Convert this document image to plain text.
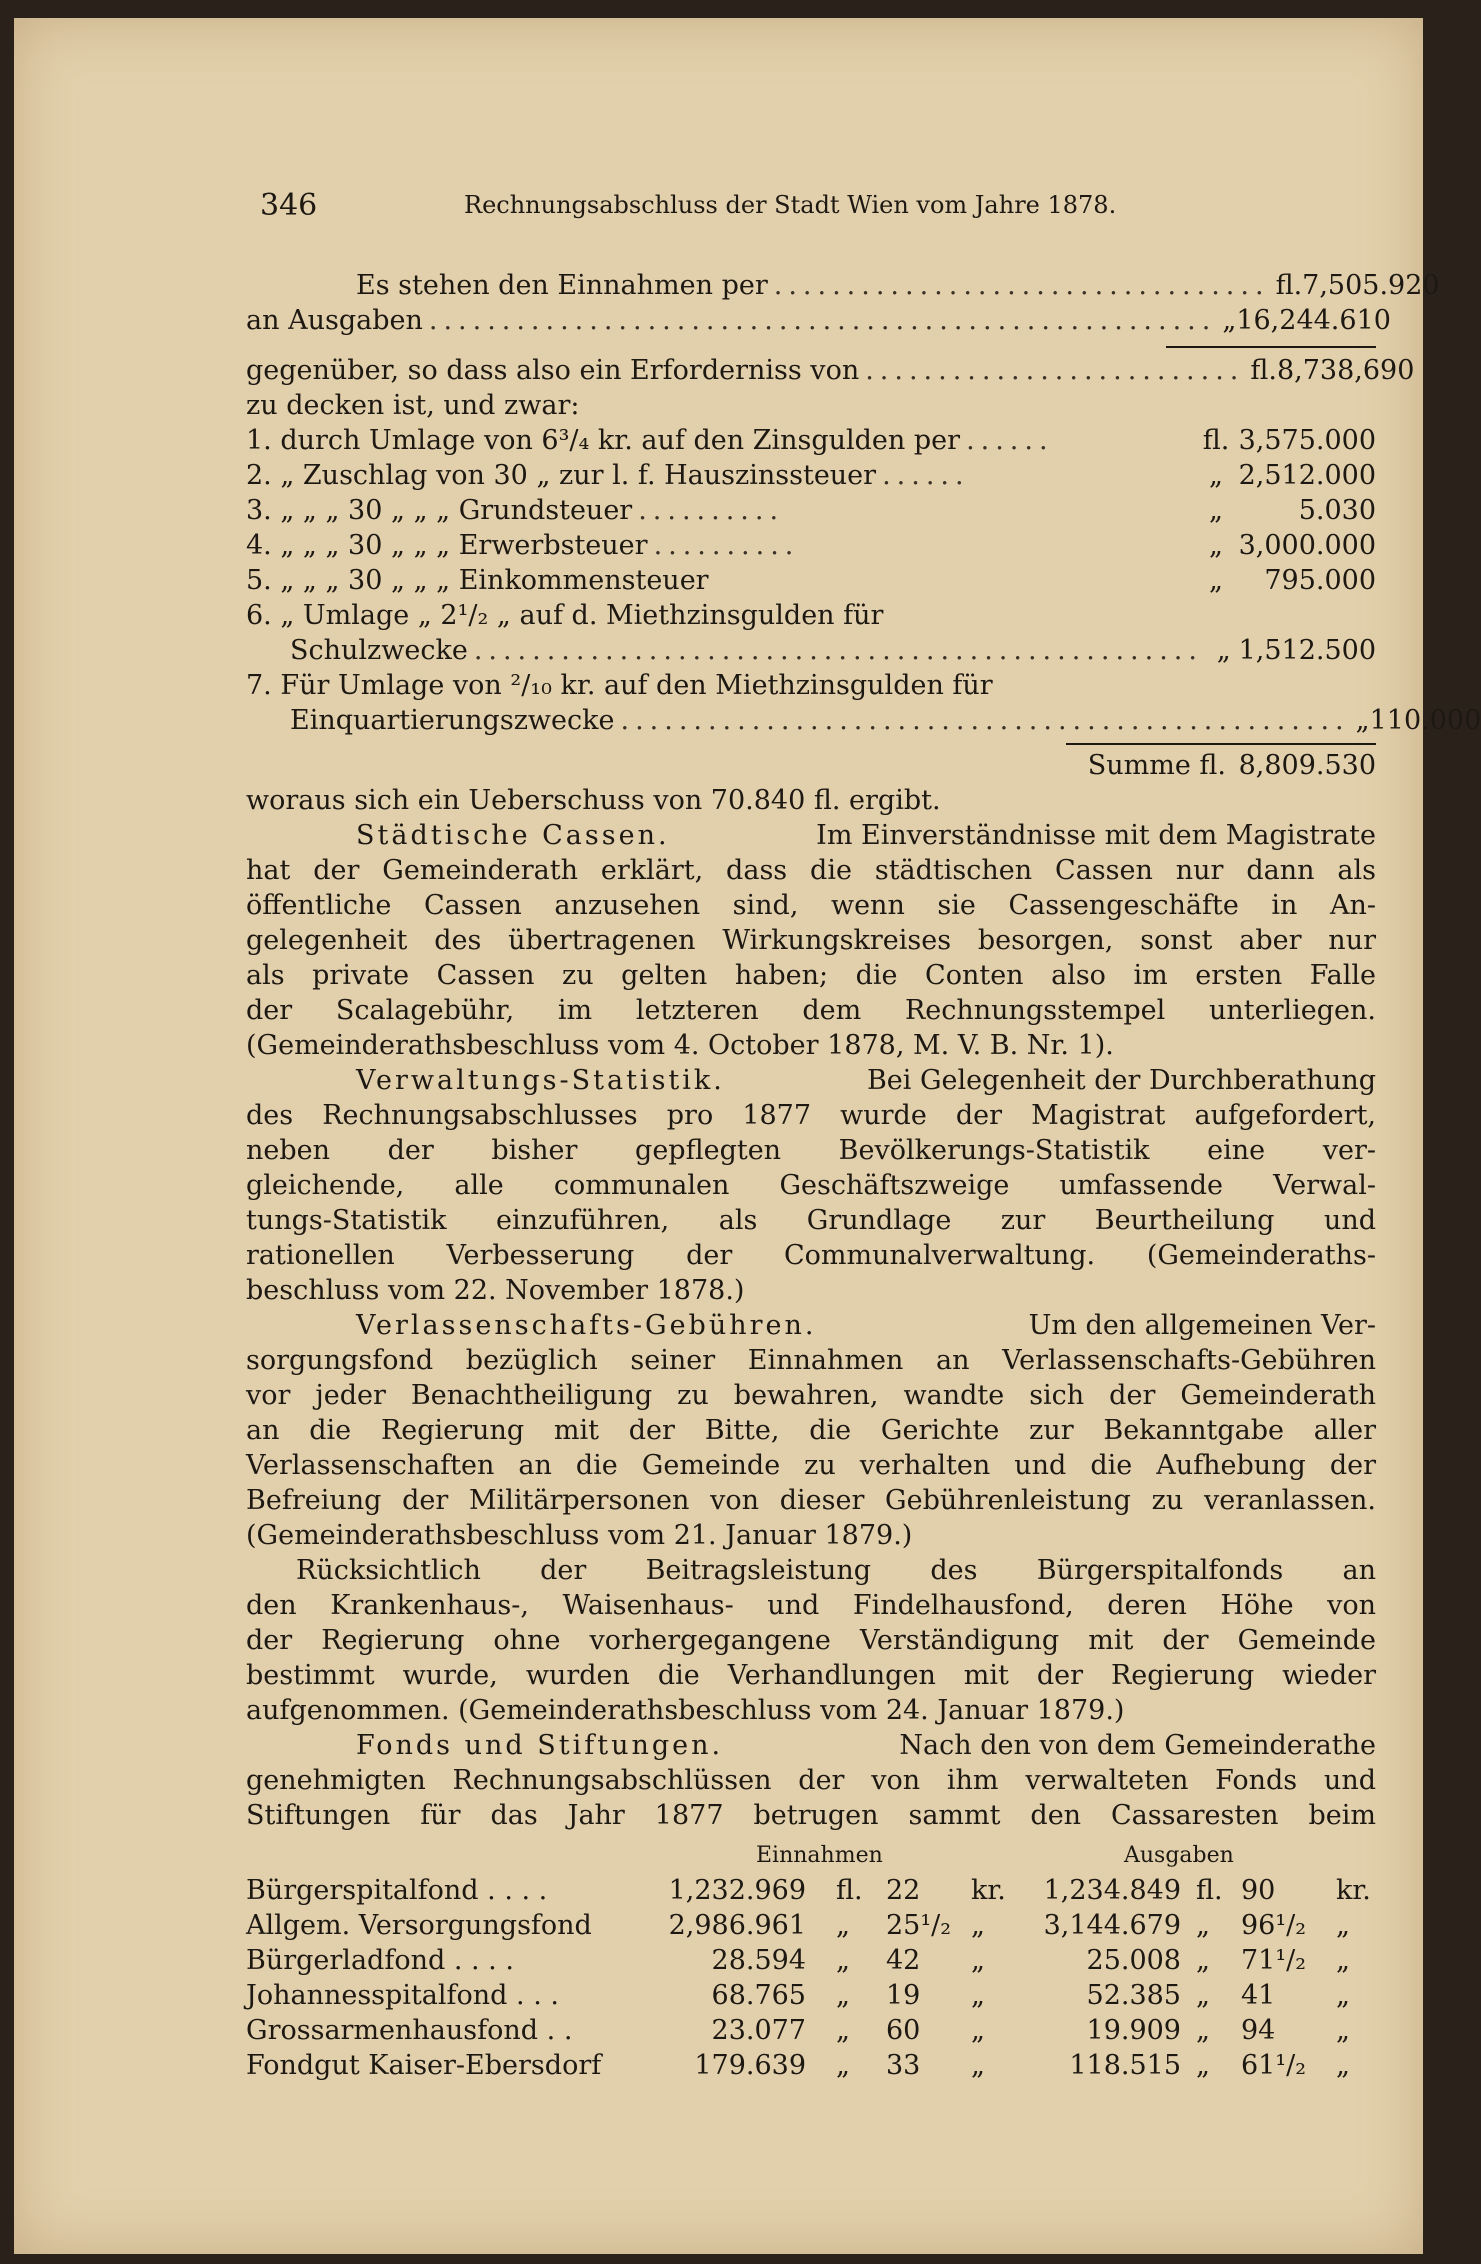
346	Rechnungsabschluss der Stadt Wien vom Jahre 1878.
Es stehen den Einnahmen per .................................. fl. 7,505.920
an Ausgaben ...................................................... „ 16,244.610
gegenüber, so dass also ein Erforderniss von .......................... fl. 8,738,690
zu decken ist, und zwar:
1. durch Umlage von 6³/₄ kr. auf den Zinsgulden per ......	fl. 3,575.000
2. „ Zuschlag von 30 „ zur l. f. Hauszinssteuer ......	„ 2,512.000
3. „ „ „ 30 „ „ „ Grundsteuer ..........	„	5.030
4. „ „ „ 30 „ „ „ Erwerbsteuer ..........	„ 3,000.000
5. „ „ „ 30 „ „ „ Einkommensteuer	„	795.000
6. „ Umlage „ 2¹/₂ „ auf d. Miethzinsgulden für
Schulzwecke .................................................. „ 1,512.500
7. Für Umlage von ²/₁₀ kr. auf den Miethzinsgulden für
Einquartierungszwecke .................................................. „ 110.000
Summe fl. 8,809.530
woraus sich ein Ueberschuss von 70.840 fl. ergibt.
Städtische Cassen.	Im Einverständnisse mit dem Magistrate
hat der Gemeinderath erklärt, dass die städtischen Cassen nur dann als
öffentliche Cassen anzusehen sind, wenn sie Cassengeschäfte in An-
gelegenheit des übertragenen Wirkungskreises besorgen, sonst aber nur
als private Cassen zu gelten haben; die Conten also im ersten Falle
der Scalagebühr, im letzteren dem Rechnungsstempel unterliegen.
(Gemeinderathsbeschluss vom 4. October 1878, M. V. B. Nr. 1).
Verwaltungs-Statistik.	Bei Gelegenheit der Durchberathung
des Rechnungsabschlusses pro 1877 wurde der Magistrat aufgefordert,
neben der bisher gepflegten Bevölkerungs-Statistik eine ver-
gleichende, alle communalen Geschäftszweige umfassende Verwal-
tungs-Statistik einzuführen, als Grundlage zur Beurtheilung und
rationellen Verbesserung der Communalverwaltung. (Gemeinderaths-
beschluss vom 22. November 1878.)
Verlassenschafts-Gebühren.	Um den allgemeinen Ver-
sorgungsfond bezüglich seiner Einnahmen an Verlassenschafts-Gebühren
vor jeder Benachtheiligung zu bewahren, wandte sich der Gemeinderath
an die Regierung mit der Bitte, die Gerichte zur Bekanntgabe aller
Verlassenschaften an die Gemeinde zu verhalten und die Aufhebung der
Befreiung der Militärpersonen von dieser Gebührenleistung zu veranlassen.
(Gemeinderathsbeschluss vom 21. Januar 1879.)
Rücksichtlich der Beitragsleistung des Bürgerspitalfonds an
den Krankenhaus-, Waisenhaus- und Findelhausfond, deren Höhe von
der Regierung ohne vorhergegangene Verständigung mit der Gemeinde
bestimmt wurde, wurden die Verhandlungen mit der Regierung wieder
aufgenommen. (Gemeinderathsbeschluss vom 24. Januar 1879.)
Fonds und Stiftungen.	Nach den von dem Gemeinderathe
genehmigten Rechnungsabschlüssen der von ihm verwalteten Fonds und
Stiftungen für das Jahr 1877 betrugen sammt den Cassaresten beim
Einnahmen	Ausgaben
Bürgerspitalfond . . . .	1,232.969 fl. 22 kr. 1,234.849 fl. 90 kr.
Allgem. Versorgungsfond	2,986.961 „ 25¹/₂ „ 3,144.679 „ 96¹/₂ „
Bürgerladfond . . . .	28.594 „ 42 „	25.008 „ 71¹/₂ „
Johannesspitalfond . . .	68.765 „ 19 „	52.385 „ 41 „
Grossarmenhausfond . .	23.077 „ 60 „	19.909 „ 94 „
Fondgut Kaiser-Ebersdorf	179.639 „ 33 „	118.515 „ 61¹/₂ „
